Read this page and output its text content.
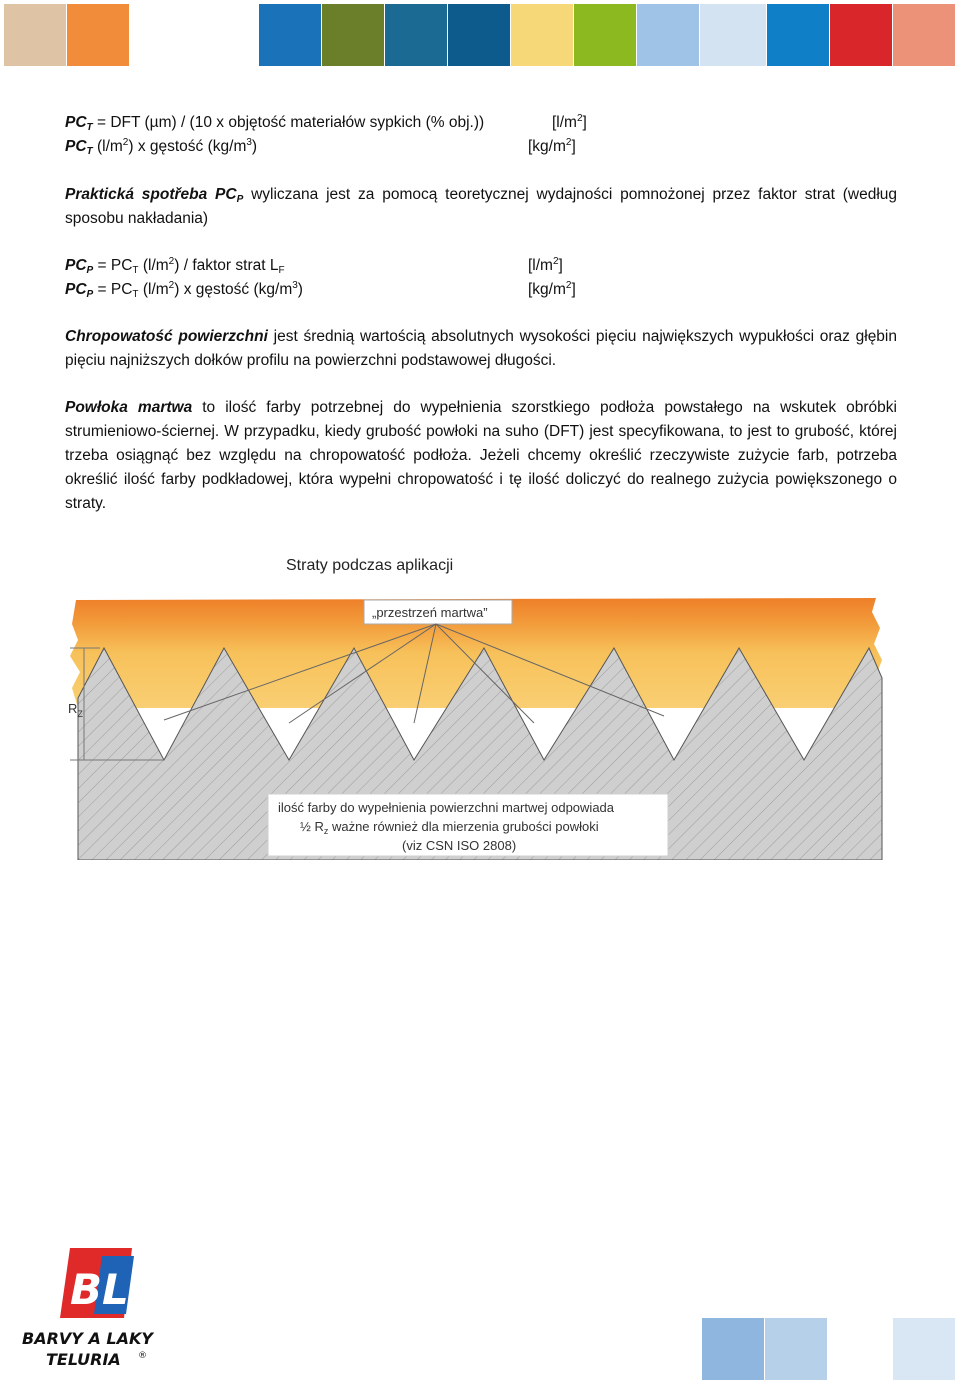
$PC_T$ = DFT (µm) / (10 x objętość materiałów sypkich (% obj.))	$[l/m^2]$
$PC_T$ $(l/m^2)$ x gęstość $(kg/m^3)$	$[kg/m^2]$

Praktická spotřeba $PC_P$ wyliczana jest za pomocą teoretycznej wydajności pomnożonej przez faktor strat (według sposobu nakładania)

$PC_P = PC_T$ $(l/m^2)$ / faktor strat $L_F$	$[l/m^2]$
$PC_P = PC_T$ $(l/m^2)$ x gęstość $(kg/m^3)$	$[kg/m^2]$

Chropowatość powierzchni jest średnią wartością absolutnych wysokości pięciu największych wypukłości oraz głębin pięciu najniższych dołków profilu na powierzchni podstawowej długości.

Powłoka martwa to ilość farby potrzebnej do wypełnienia szorstkiego podłoża powstałego na wskutek obróbki strumieniowo-ściernej. W przypadku, kiedy grubość powłoki na suho (DFT) jest specyfikowana, to jest to grubość, której trzeba osiągnąć bez względu na chropowatość podłoża. Jeżeli chcemy określić rzeczywiste zużycie farb, potrzeba określić ilość farby podkładowej, która wypełni chropowatość i tę ilość doliczyć do realnego zużycia powiększonego o straty.

Straty podczas aplikacji
„przestrzeń martwa”
$R_Z$
ilość farby do wypełnienia powierzchni martwej odpowiada
½ $R_z$ ważne również dla mierzenia grubości powłoki
(viz CSN ISO 2808)
BL
BARVY A LAKY
TELURIA ®
